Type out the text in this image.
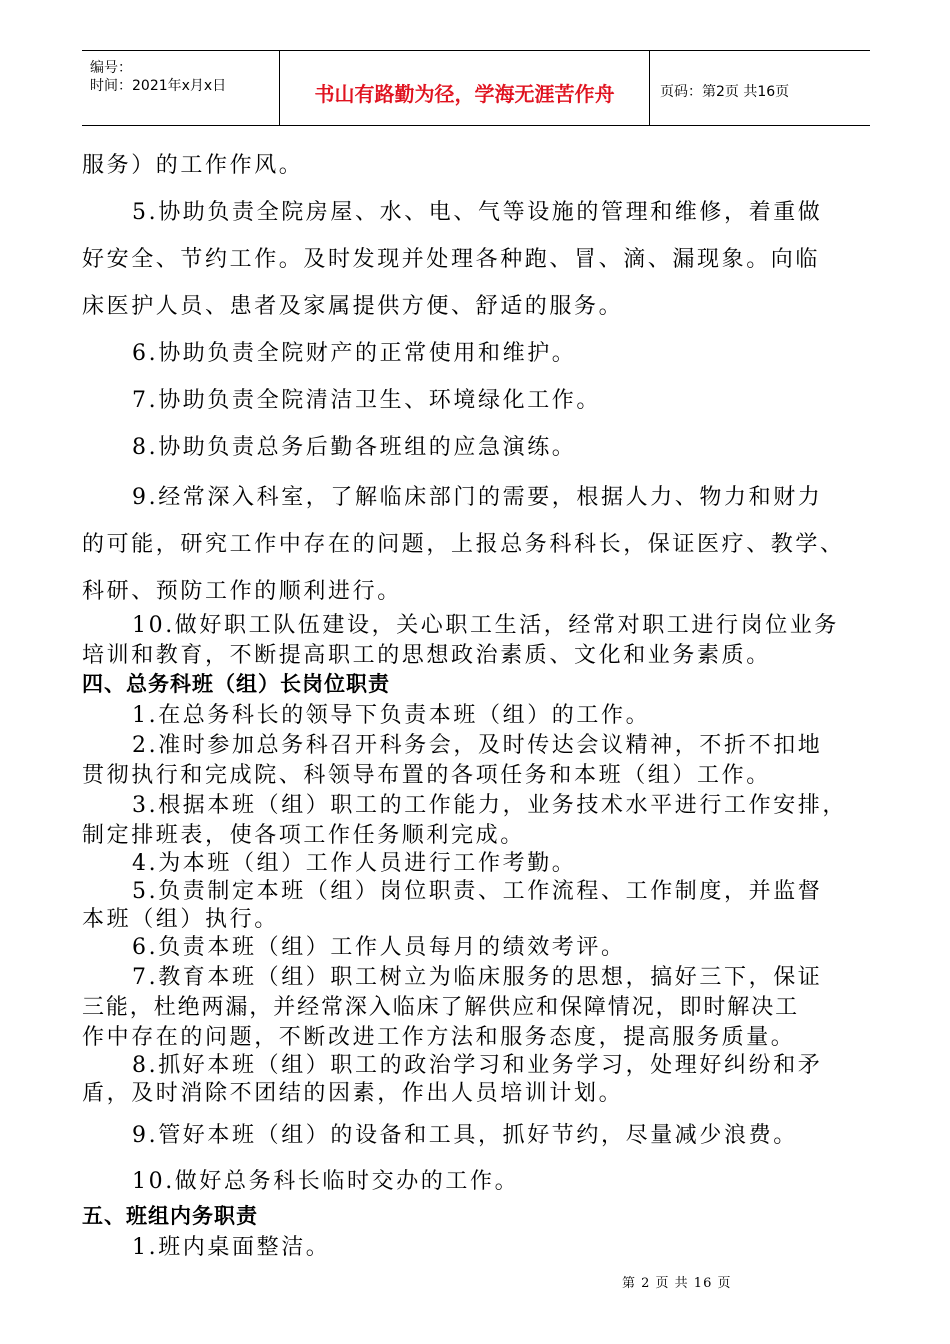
编号：
时间：2021年x月x日	书山有路勤为径，学海无涯苦作舟	页码：第2页 共16页
服务）的工作作风。
5.协助负责全院房屋、水、电、气等设施的管理和维修，着重做
好安全、节约工作。及时发现并处理各种跑、冒、滴、漏现象。向临
床医护人员、患者及家属提供方便、舒适的服务。
6.协助负责全院财产的正常使用和维护。
7.协助负责全院清洁卫生、环境绿化工作。
8.协助负责总务后勤各班组的应急演练。
9.经常深入科室，了解临床部门的需要，根据人力、物力和财力
的可能，研究工作中存在的问题，上报总务科科长，保证医疗、教学、
科研、预防工作的顺利进行。
10.做好职工队伍建设，关心职工生活，经常对职工进行岗位业务
培训和教育，不断提高职工的思想政治素质、文化和业务素质。
四、总务科班（组）长岗位职责
1.在总务科长的领导下负责本班（组）的工作。
2.准时参加总务科召开科务会，及时传达会议精神，不折不扣地
贯彻执行和完成院、科领导布置的各项任务和本班（组）工作。
3.根据本班（组）职工的工作能力，业务技术水平进行工作安排，
制定排班表，使各项工作任务顺利完成。
4.为本班（组）工作人员进行工作考勤。
5.负责制定本班（组）岗位职责、工作流程、工作制度，并监督
本班（组）执行。
6.负责本班（组）工作人员每月的绩效考评。
7.教育本班（组）职工树立为临床服务的思想，搞好三下，保证
三能，杜绝两漏，并经常深入临床了解供应和保障情况，即时解决工
作中存在的问题，不断改进工作方法和服务态度，提高服务质量。
8.抓好本班（组）职工的政治学习和业务学习，处理好纠纷和矛
盾，及时消除不团结的因素，作出人员培训计划。
9.管好本班（组）的设备和工具，抓好节约，尽量减少浪费。
10.做好总务科长临时交办的工作。
五、班组内务职责
1.班内桌面整洁。
第 2 页 共 16 页
